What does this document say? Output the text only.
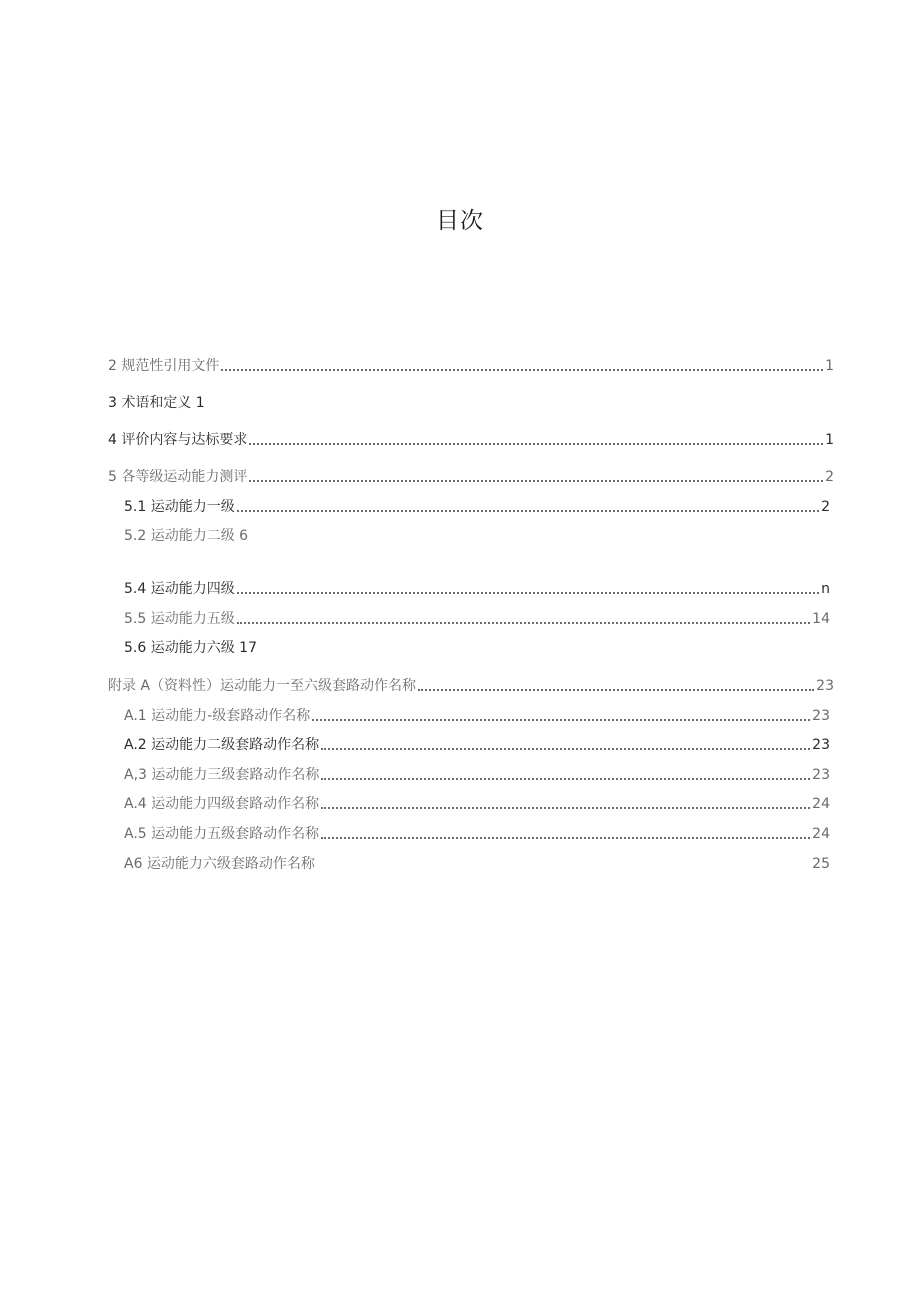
目次
2 规范性引用文件	1
3 术语和定义 1
4 评价内容与达标要求	1
5 各等级运动能力测评	2
5.1 运动能力一级	2
5.2 运动能力二级 6
5.4 运动能力四级	n
5.5 运动能力五级	14
5.6 运动能力六级 17
附录 A（资料性）运动能力一至六级套路动作名称	23
A.1 运动能力-级套路动作名称	23
A.2 运动能力二级套路动作名称	23
A,3 运动能力三级套路动作名称	23
A.4 运动能力四级套路动作名称	24
A.5 运动能力五级套路动作名称	24
A6 运动能力六级套路动作名称	25
